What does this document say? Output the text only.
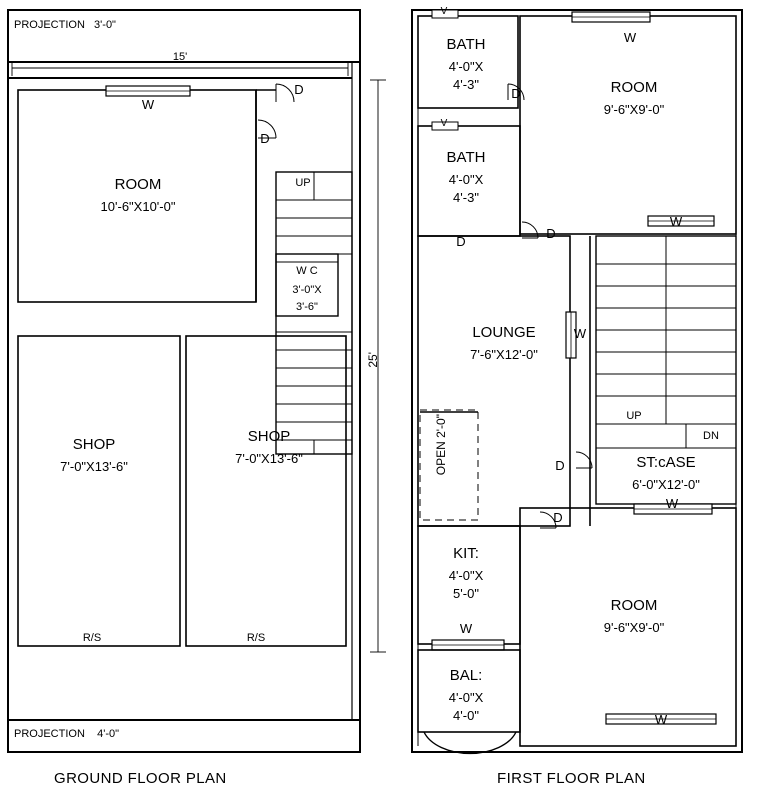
PROJECTION   3'-0"
PROJECTION    4'-0"
15'
25'
W
D
D
ROOM
10'-6"X10'-0"
UP
W C
3'-0"X
3'-6"
SHOP
7'-0"X13'-6"
SHOP
7'-0"X13'-6"
R/S	R/S
V
V
BATH
4'-0"X
4'-3"
BATH
4'-0"X
4'-3"
W
ROOM
9'-6"X9'-0"
D
D
D
W
LOUNGE
7'-6"X12'-0"
W
OPEN 2'-0"	UP
DN
D
D
ST:cASE
6'-0"X12'-0"
W
KIT:
4'-0"X
5'-0"
W
ROOM
9'-6"X9'-0"
BAL:
4'-0"X
4'-0"	W
GROUND FLOOR PLAN	FIRST FLOOR PLAN
